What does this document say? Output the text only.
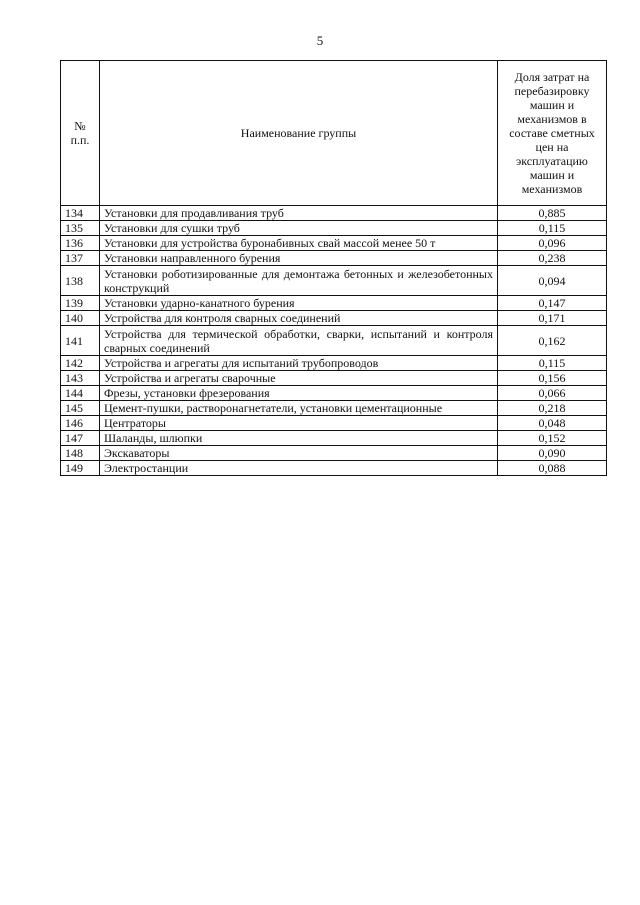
5
№
п.п.	Наименование группы	Доля затрат на перебазировку машин и механизмов в составе сметных цен на эксплуатацию машин и механизмов
134	Установки для продавливания труб	0,885
135	Установки для сушки труб	0,115
136	Установки для устройства буронабивных свай массой менее 50 т	0,096
137	Установки направленного бурения	0,238
138	Установки роботизированные для демонтажа бетонных и железобетонных конструкций	0,094
139	Установки ударно-канатного бурения	0,147
140	Устройства для контроля сварных соединений	0,171
141	Устройства для термической обработки, сварки, испытаний и контроля сварных соединений	0,162
142	Устройства и агрегаты для испытаний трубопроводов	0,115
143	Устройства и агрегаты сварочные	0,156
144	Фрезы, установки фрезерования	0,066
145	Цемент-пушки, растворонагнетатели, установки цементационные	0,218
146	Центраторы	0,048
147	Шаланды, шлюпки	0,152
148	Экскаваторы	0,090
149	Электростанции	0,088
